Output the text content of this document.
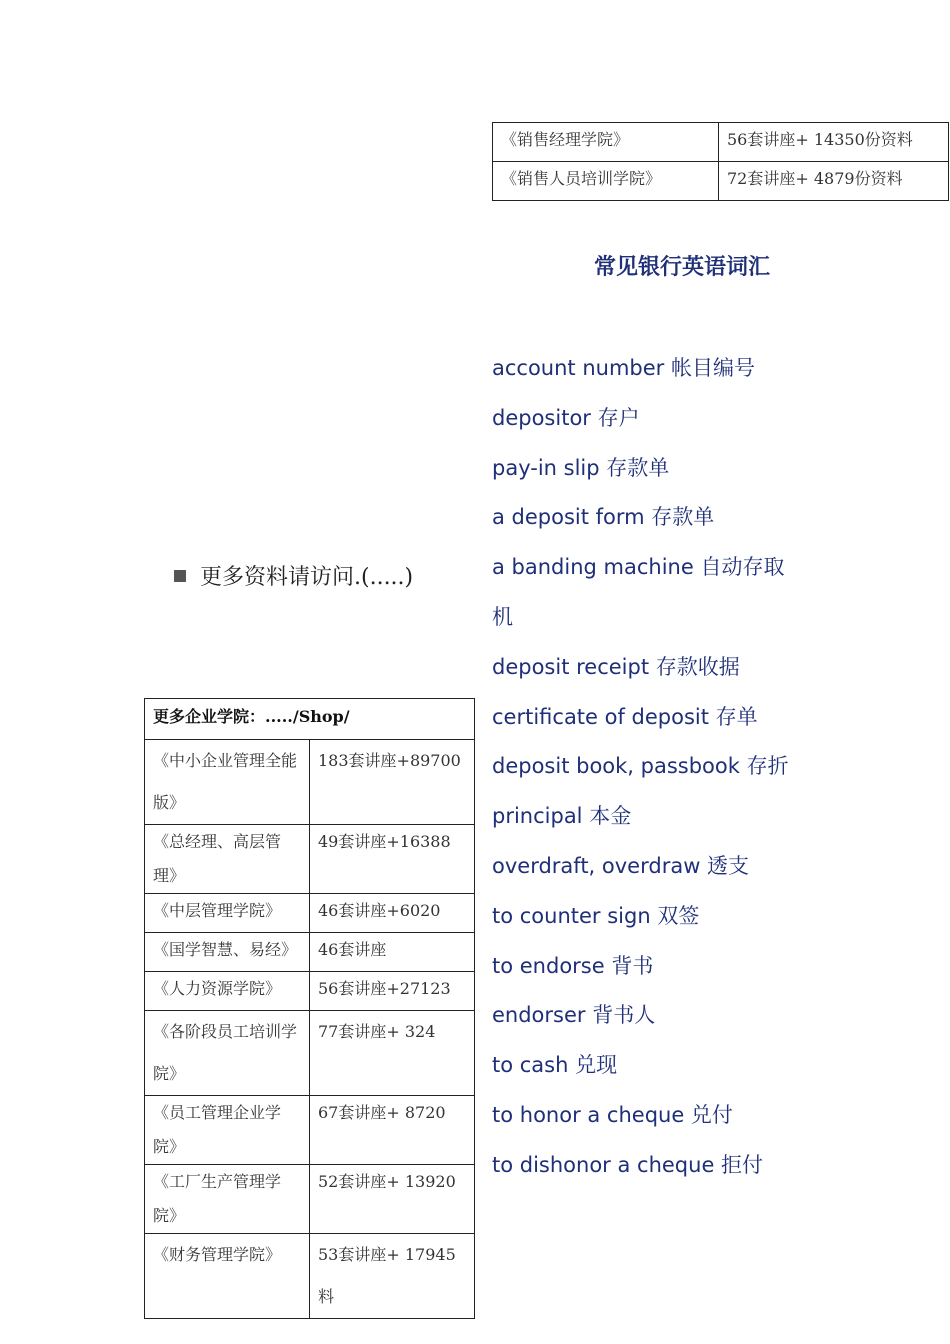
《销售经理学院》	56套讲座+ 14350份资料
《销售人员培训学院》	72套讲座+ 4879份资料
常见银行英语词汇
account number 帐目编号
depositor 存户
pay-in slip 存款单
a deposit form 存款单
a banding machine 自动存取
机
deposit receipt 存款收据
certificate of deposit 存单
deposit book, passbook 存折
principal 本金
overdraft, overdraw 透支
to counter sign 双签
to endorse 背书
endorser 背书人
to cash 兑现
to honor a cheque 兑付
to dishonor a cheque 拒付
更多资料请访问.(.....)
更多企业学院：...../Shop/	
《中小企业管理全能版》	183套讲座+89700
《总经理、高层管理》	49套讲座+16388
《中层管理学院》	46套讲座+6020
《国学智慧、易经》	46套讲座
《人力资源学院》	56套讲座+27123
《各阶段员工培训学院》	77套讲座+ 324
《员工管理企业学院》	67套讲座+ 8720
《工厂生产管理学院》	52套讲座+ 13920
《财务管理学院》	53套讲座+ 17945料
